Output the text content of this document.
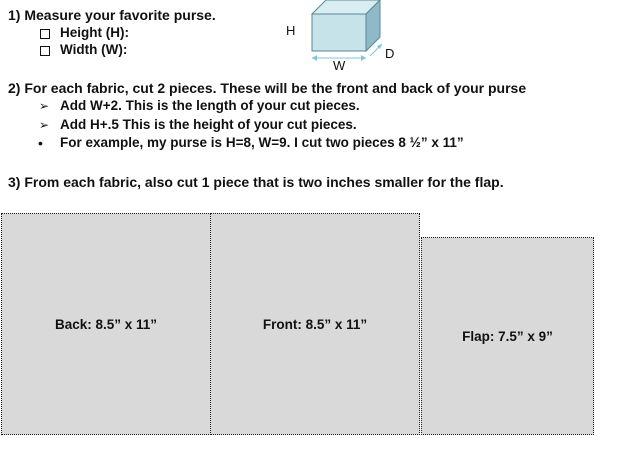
1) Measure your favorite purse.
Height (H):
Width (W):
H
W
D
2) For each fabric, cut 2 pieces. These will be the front and back of your purse
➢ Add W+2. This is the length of your cut pieces.
➢ Add H+.5 This is the height of your cut pieces.
• For example, my purse is H=8, W=9. I cut two pieces 8 ½” x 11”
3) From each fabric, also cut 1 piece that is two inches smaller for the flap.
Back: 8.5” x 11”	Front: 8.5” x 11”
Flap: 7.5” x 9”
